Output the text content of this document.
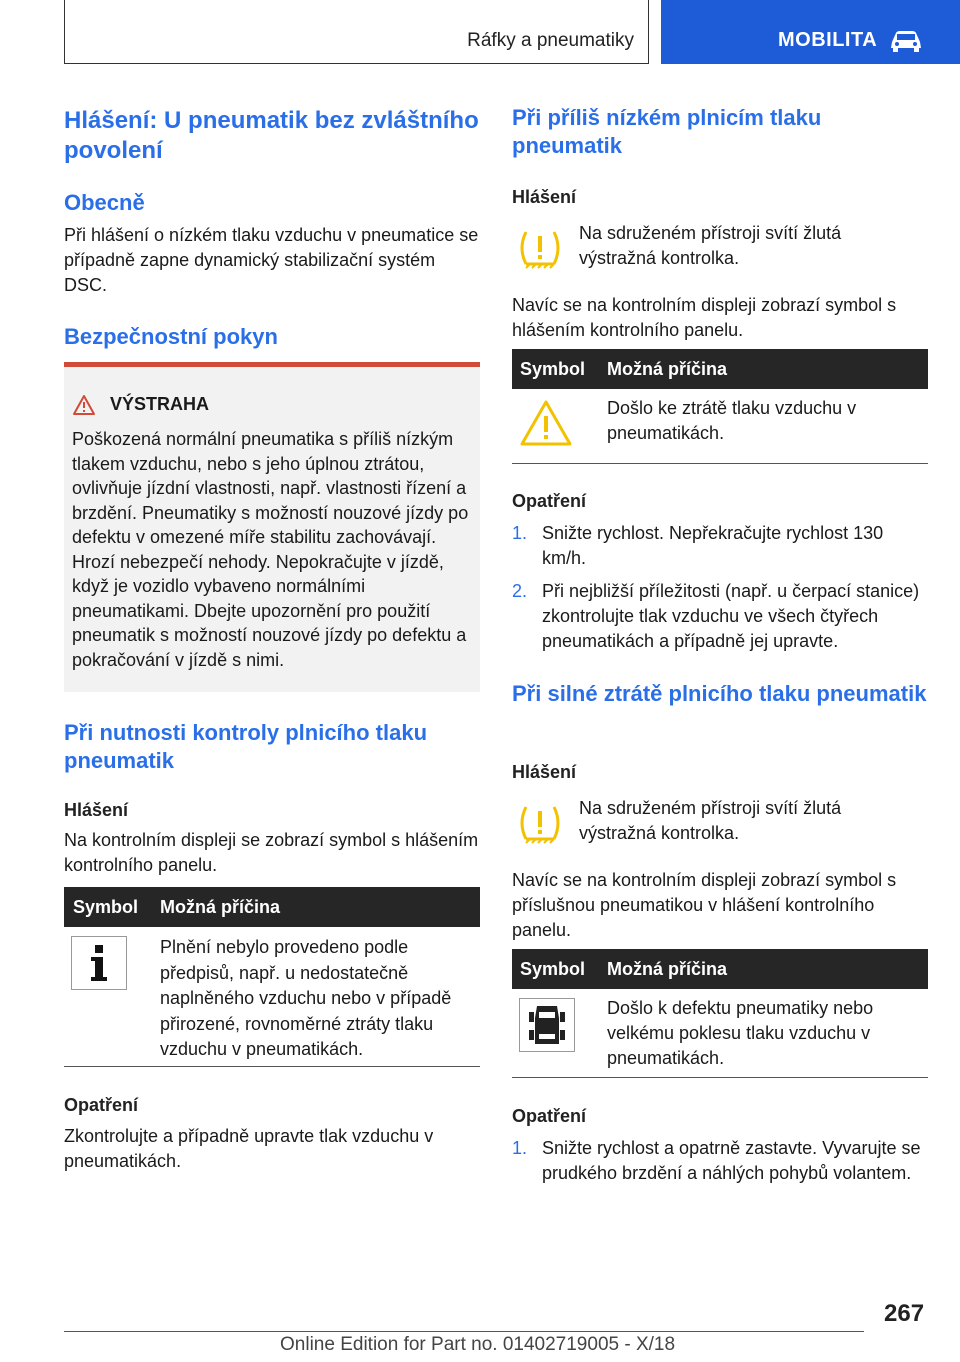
Ráfky a pneumatiky	MOBILITA

Hlášení: U pneumatik bez zvláštního povolení

Obecně

Při hlášení o nízkém tlaku vzduchu v pneumatice se případně zapne dynamický stabilizační systém DSC.

Bezpečnostní pokyn

VÝSTRAHA
Poškozená normální pneumatika s příliš nízkým tlakem vzduchu, nebo s jeho úplnou ztrátou, ovlivňuje jízdní vlastnosti, např. vlastnosti řízení a brzdění. Pneumatiky s možností nouzové jízdy po defektu v omezené míře stabilitu zachovávají. Hrozí nebezpečí nehody. Nepokračujte v jízdě, když je vozidlo vybaveno normálními pneumatikami. Dbejte upozornění pro použití pneumatik s možností nouzové jízdy po defektu a pokračování v jízdě s nimi.

Při nutnosti kontroly plnicího tlaku pneumatik

Hlášení

Na kontrolním displeji se zobrazí symbol s hlášením kontrolního panelu.

Symbol Možná příčina
Plnění nebylo provedeno podle předpisů, např. u nedostatečně naplněného vzduchu nebo v případě přirozené, rovnoměrné ztráty tlaku vzduchu v pneumatikách.

Opatření

Zkontrolujte a případně upravte tlak vzduchu v pneumatikách.

Při příliš nízkém plnicím tlaku pneumatik

Hlášení

Na sdruženém přístroji svítí žlutá výstražná kontrolka.
Navíc se na kontrolním displeji zobrazí symbol s hlášením kontrolního panelu.
Symbol Možná příčina
Došlo ke ztrátě tlaku vzduchu v pneumatikách.

Opatření

1. Snižte rychlost. Nepřekračujte rychlost 130 km/h.
2. Při nejbližší příležitosti (např. u čerpací stanice) zkontrolujte tlak vzduchu ve všech čtyřech pneumatikách a případně jej upravte.

Při silné ztrátě plnicího tlaku pneumatik

Hlášení

Na sdruženém přístroji svítí žlutá výstražná kontrolka.
Navíc se na kontrolním displeji zobrazí symbol s příslušnou pneumatikou v hlášení kontrolního panelu.
Symbol Možná příčina
Došlo k defektu pneumatiky nebo velkému poklesu tlaku vzduchu v pneumatikách.

Opatření

1. Snižte rychlost a opatrně zastavte. Vyvarujte se prudkého brzdění a náhlých pohybů volantem.
267
Online Edition for Part no. 01402719005 - X/18
